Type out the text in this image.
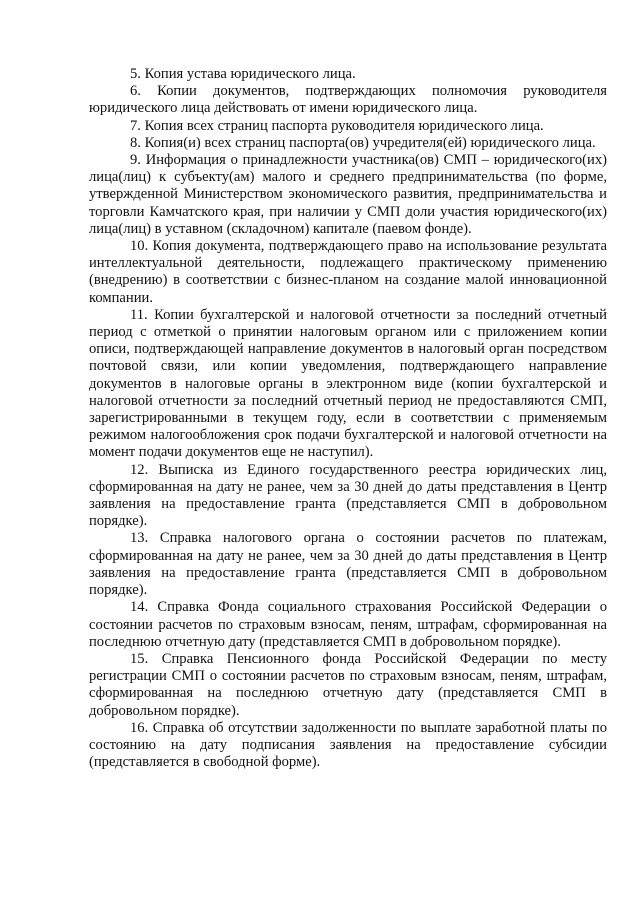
5. Копия устава юридического лица.

6. Копии документов, подтверждающих полномочия руководителя юридического лица действовать от имени юридического лица.

7. Копия всех страниц паспорта руководителя юридического лица.

8. Копия(и) всех страниц паспорта(ов) учредителя(ей) юридического лица.

9. Информация о принадлежности участника(ов) СМП – юридического(их) лица(лиц) к субъекту(ам) малого и среднего предпринимательства (по форме, утвержденной Министерством экономического развития, предпринимательства и торговли Камчатского края, при наличии у СМП доли участия юридического(их) лица(лиц) в уставном (складочном) капитале (паевом фонде).

10. Копия документа, подтверждающего право на использование результата интеллектуальной деятельности, подлежащего практическому применению (внедрению) в соответствии с бизнес-планом на создание малой инновационной компании.

11. Копии бухгалтерской и налоговой отчетности за последний отчетный период с отметкой о принятии налоговым органом или с приложением копии описи, подтверждающей направление документов в налоговый орган посредством почтовой связи, или копии уведомления, подтверждающего направление документов в налоговые органы в электронном виде (копии бухгалтерской и налоговой отчетности за последний отчетный период не предоставляются СМП, зарегистрированными в текущем году, если в соответствии с применяемым режимом налогообложения срок подачи бухгалтерской и налоговой отчетности на момент подачи документов еще не наступил).

12. Выписка из Единого государственного реестра юридических лиц, сформированная на дату не ранее, чем за 30 дней до даты представления в Центр заявления на предоставление гранта (представляется СМП в добровольном порядке).

13. Справка налогового органа о состоянии расчетов по платежам, сформированная на дату не ранее, чем за 30 дней до даты представления в Центр заявления на предоставление гранта (представляется СМП в добровольном порядке).

14. Справка Фонда социального страхования Российской Федерации о состоянии расчетов по страховым взносам, пеням, штрафам, сформированная на последнюю отчетную дату (представляется СМП в добровольном порядке).

15. Справка Пенсионного фонда Российской Федерации по месту регистрации СМП о состоянии расчетов по страховым взносам, пеням, штрафам, сформированная на последнюю отчетную дату (представляется СМП в добровольном порядке).

16. Справка об отсутствии задолженности по выплате заработной платы по состоянию на дату подписания заявления на предоставление субсидии (представляется в свободной форме).
